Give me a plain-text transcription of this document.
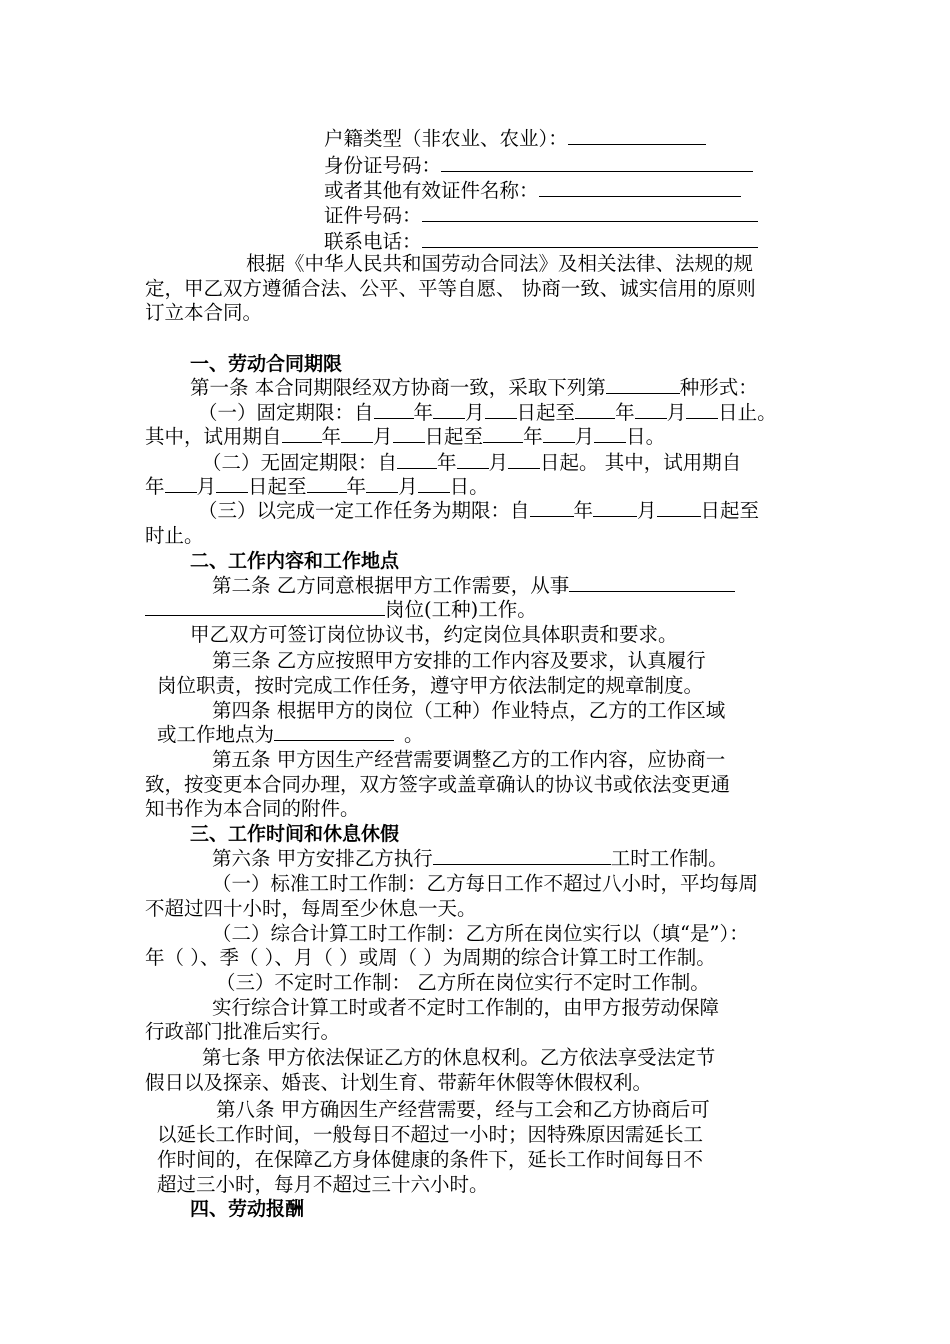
户籍类型（非农业、农业）：
身份证号码：
或者其他有效证件名称：
证件号码：
联系电话：
根据《中华人民共和国劳动合同法》及相关法律、法规的规
定，甲乙双方遵循合法、公平、平等自愿、 协商一致、诚实信用的原则
订立本合同。
一、劳动合同期限
第一条 本合同期限经双方协商一致，采取下列第	种形式：
（一）固定期限：自 年 月 日起至 年 月 日止。
其中，试用期自 年 月 日起至 年 月 日。
（二）无固定期限：自 年 月 日起。 其中，试用期自
年 月 日起至 年 月 日。
（三）以完成一定工作任务为期限：自 年 月 日起至
时止。
二、工作内容和工作地点
第二条 乙方同意根据甲方工作需要，从事
岗位(工种)工作。
甲乙双方可签订岗位协议书，约定岗位具体职责和要求。
第三条 乙方应按照甲方安排的工作内容及要求，认真履行
岗位职责，按时完成工作任务，遵守甲方依法制定的规章制度。
第四条 根据甲方的岗位（工种）作业特点，乙方的工作区域
或工作地点为	。
第五条 甲方因生产经营需要调整乙方的工作内容，应协商一
致，按变更本合同办理，双方签字或盖章确认的协议书或依法变更通
知书作为本合同的附件。
三、工作时间和休息休假
第六条 甲方安排乙方执行	工时工作制。
（一）标准工时工作制：乙方每日工作不超过八小时，平均每周
不超过四十小时，每周至少休息一天。
（二）综合计算工时工作制：乙方所在岗位实行以（填“是”）：
年（ ）、季（ ）、月（ ）或周（ ）为周期的综合计算工时工作制。
（三）不定时工作制： 乙方所在岗位实行不定时工作制。
实行综合计算工时或者不定时工作制的，由甲方报劳动保障
行政部门批准后实行。
第七条 甲方依法保证乙方的休息权利。乙方依法享受法定节
假日以及探亲、婚丧、计划生育、带薪年休假等休假权利。
第八条 甲方确因生产经营需要，经与工会和乙方协商后可
以延长工作时间，一般每日不超过一小时；因特殊原因需延长工
作时间的，在保障乙方身体健康的条件下，延长工作时间每日不
超过三小时，每月不超过三十六小时。
四、劳动报酬
